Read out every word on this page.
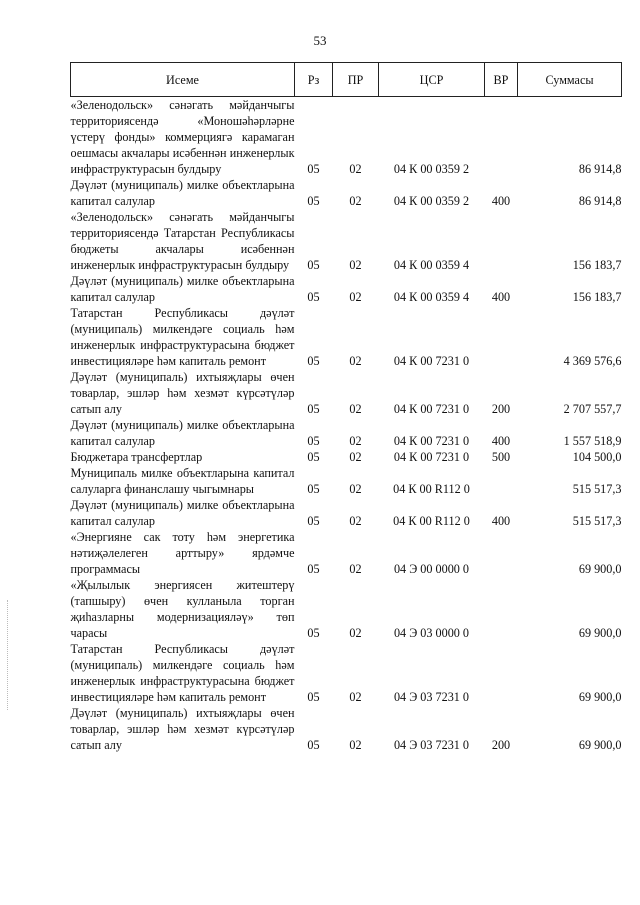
53
Исеме	Рз	ПР	ЦСР	ВР	Суммасы
«Зеленодольск» сәнәгать мәйданчыгы территориясендә «Моношәһәрләрне үстерү фонды» коммерциягә карамаган оешмасы акчалары исәбеннән инженерлык инфраструктурасын булдыру	05	02	04 К 00 0359 2		86 914,8
Дәүләт (муниципаль) милке объектларына капитал салулар	05	02	04 К 00 0359 2	400	86 914,8
«Зеленодольск» сәнәгать мәйданчыгы территориясендә Татарстан Республикасы бюджеты акчалары исәбеннән инженерлык инфраструктурасын булдыру	05	02	04 К 00 0359 4		156 183,7
Дәүләт (муниципаль) милке объектларына капитал салулар	05	02	04 К 00 0359 4	400	156 183,7
Татарстан Республикасы дәүләт (муниципаль) милкендәге социаль һәм инженерлык инфраструктурасына бюджет инвестицияләре һәм капиталь ремонт	05	02	04 К 00 7231 0		4 369 576,6
Дәүләт (муниципаль) ихтыяҗлары өчен товарлар, эшләр һәм хезмәт күрсәтүләр сатып алу	05	02	04 К 00 7231 0	200	2 707 557,7
Дәүләт (муниципаль) милке объектларына капитал салулар	05	02	04 К 00 7231 0	400	1 557 518,9
Бюджетара трансфертлар	05	02	04 К 00 7231 0	500	104 500,0
Муниципаль милке объектларына капитал салуларга финанслашу чыгымнары	05	02	04 К 00 R112 0		515 517,3
Дәүләт (муниципаль) милке объектларына капитал салулар	05	02	04 К 00 R112 0	400	515 517,3
«Энергияне сак тоту һәм энергетика нәтиҗәлелеген арттыру» ярдәмче программасы	05	02	04 Э 00 0000 0		69 900,0
«Җылылык энергиясен житештерү (тапшыру) өчен кулланыла торган җиһазларны модернизацияләү» төп чарасы	05	02	04 Э 03 0000 0		69 900,0
Татарстан Республикасы дәүләт (муниципаль) милкендәге социаль һәм инженерлык инфраструктурасына бюджет инвестицияләре һәм капиталь ремонт	05	02	04 Э 03 7231 0		69 900,0
Дәүләт (муниципаль) ихтыяҗлары өчен товарлар, эшләр һәм хезмәт күрсәтүләр сатып алу	05	02	04 Э 03 7231 0	200	69 900,0
